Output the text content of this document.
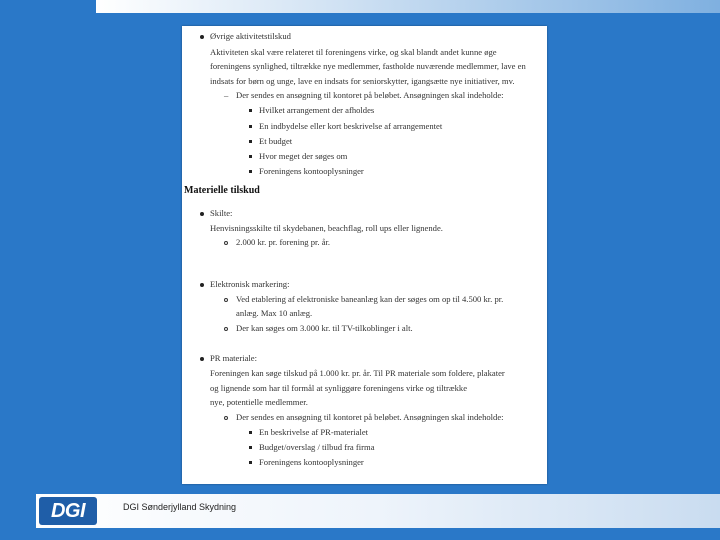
Øvrige aktivitetstilskud
Aktiviteten skal være relateret til foreningens virke, og skal blandt andet kunne øge
foreningens synlighed, tiltrække nye medlemmer, fastholde nuværende medlemmer, lave en
indsats for børn og unge, lave en indsats for seniorskytter, igangsætte nye initiativer, mv.
– Der sendes en ansøgning til kontoret på beløbet. Ansøgningen skal indeholde:
Hvilket arrangement der afholdes
En indbydelse eller kort beskrivelse af arrangementet
Et budget
Hvor meget der søges om
Foreningens kontooplysninger
Materielle tilskud
Skilte:
Henvisningsskilte til skydebanen, beachflag, roll ups eller lignende.
2.000 kr. pr. forening pr. år.
Elektronisk markering:
Ved etablering af elektroniske baneanlæg kan der søges om op til 4.500 kr. pr.
anlæg. Max 10 anlæg.
Der kan søges om 3.000 kr. til TV-tilkoblinger i alt.
PR materiale:
Foreningen kan søge tilskud på 1.000 kr. pr. år. Til PR materiale som foldere, plakater
og lignende som har til formål at synliggøre foreningens virke og tiltrække
nye, potentielle medlemmer.
Der sendes en ansøgning til kontoret på beløbet. Ansøgningen skal indeholde:
En beskrivelse af PR-materialet
Budget/overslag / tilbud fra firma
Foreningens kontooplysninger
DGI	DGI Sønderjylland Skydning
